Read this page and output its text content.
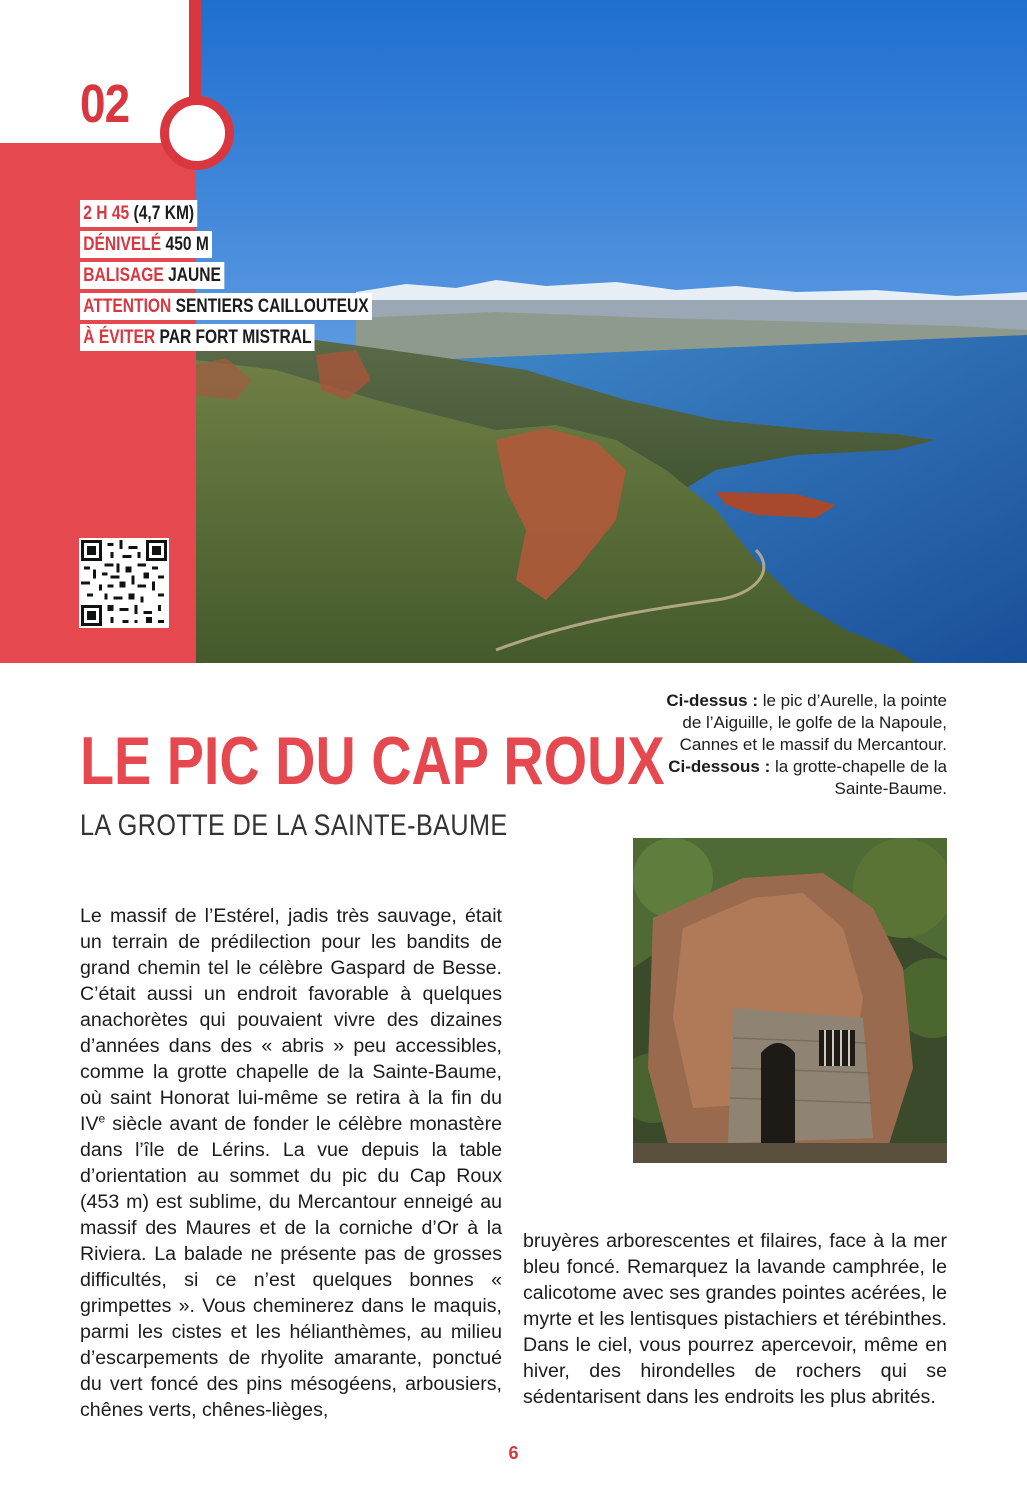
02
2 H 45 (4,7 KM)
DÉNIVELÉ 450 M
BALISAGE JAUNE
ATTENTION SENTIERS CAILLOUTEUX
À ÉVITER PAR FORT MISTRAL
LE PIC DU CAP ROUX
LA GROTTE DE LA SAINTE-BAUME
Ci-dessus : le pic d’Aurelle, la pointe de l’Aiguille, le golfe de la Napoule, Cannes et le massif du Mercantour.
Ci-dessous : la grotte-chapelle de la Sainte-Baume.
Le massif de l’Estérel, jadis très sauvage, était un terrain de prédilection pour les bandits de grand chemin tel le célèbre Gaspard de Besse. C’était aussi un endroit favorable à quelques anachorètes qui pouvaient vivre des dizaines d’années dans des « abris » peu accessibles, comme la grotte chapelle de la Sainte-Baume, où saint Honorat lui-même se retira à la fin du IVe siècle avant de fonder le célèbre monastère dans l’île de Lérins. La vue depuis la table d’orientation au sommet du pic du Cap Roux (453 m) est sublime, du Mercantour enneigé au massif des Maures et de la corniche d’Or à la Riviera. La balade ne présente pas de grosses difficultés, si ce n’est quelques bonnes « grimpettes ». Vous cheminerez dans le maquis, parmi les cistes et les hélianthèmes, au milieu d’escarpements de rhyolite amarante, ponctué du vert foncé des pins mésogéens, arbousiers, chênes verts, chênes-lièges,
bruyères arborescentes et filaires, face à la mer bleu foncé. Remarquez la lavande camphrée, le calicotome avec ses grandes pointes acérées, le myrte et les lentisques pistachiers et térébinthes. Dans le ciel, vous pourrez apercevoir, même en hiver, des hirondelles de rochers qui se sédentarisent dans les endroits les plus abrités.
6
